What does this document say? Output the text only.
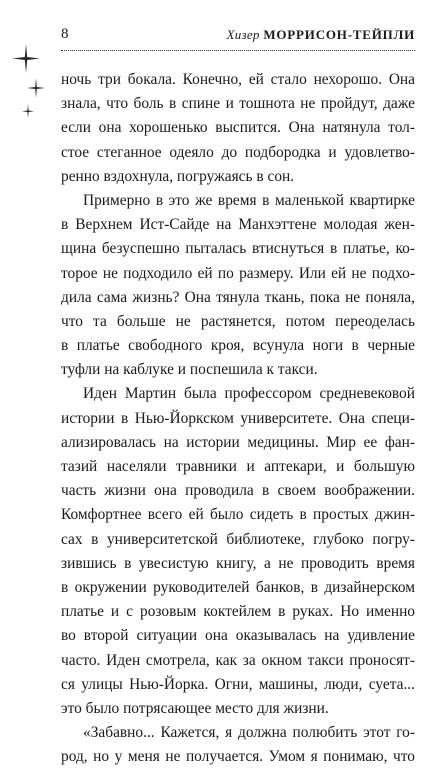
8	Хизер МОРРИСОН-ТЕЙПЛИ
ночь три бокала. Конечно, ей стало нехорошо. Она
знала, что боль в спине и тошнота не пройдут, даже
если она хорошенько выспится. Она натянула тол-
стое стеганное одеяло до подбородка и удовлетво-
ренно вздохнула, погружаясь в сон.
Примерно в это же время в маленькой квартирке
в Верхнем Ист-Сайде на Манхэттене молодая жен-
щина безуспешно пыталась втиснуться в платье, ко-
торое не подходило ей по размеру. Или ей не подхо-
дила сама жизнь? Она тянула ткань, пока не поняла,
что та больше не растянется, потом переоделась
в платье свободного кроя, всунула ноги в черные
туфли на каблуке и поспешила к такси.
Иден Мартин была профессором средневековой
истории в Нью-Йоркском университете. Она специ-
ализировалась на истории медицины. Мир ее фан-
тазий населяли травники и аптекари, и большую
часть жизни она проводила в своем воображении.
Комфортнее всего ей было сидеть в простых джин-
сах в университетской библиотеке, глубоко погру-
зившись в увесистую книгу, а не проводить время
в окружении руководителей банков, в дизайнерском
платье и с розовым коктейлем в руках. Но именно
во второй ситуации она оказывалась на удивление
часто. Иден смотрела, как за окном такси проносят-
ся улицы Нью-Йорка. Огни, машины, люди, суета...
это было потрясающее место для жизни.
«Забавно... Кажется, я должна полюбить этот го-
род, но у меня не получается. Умом я понимаю, что
